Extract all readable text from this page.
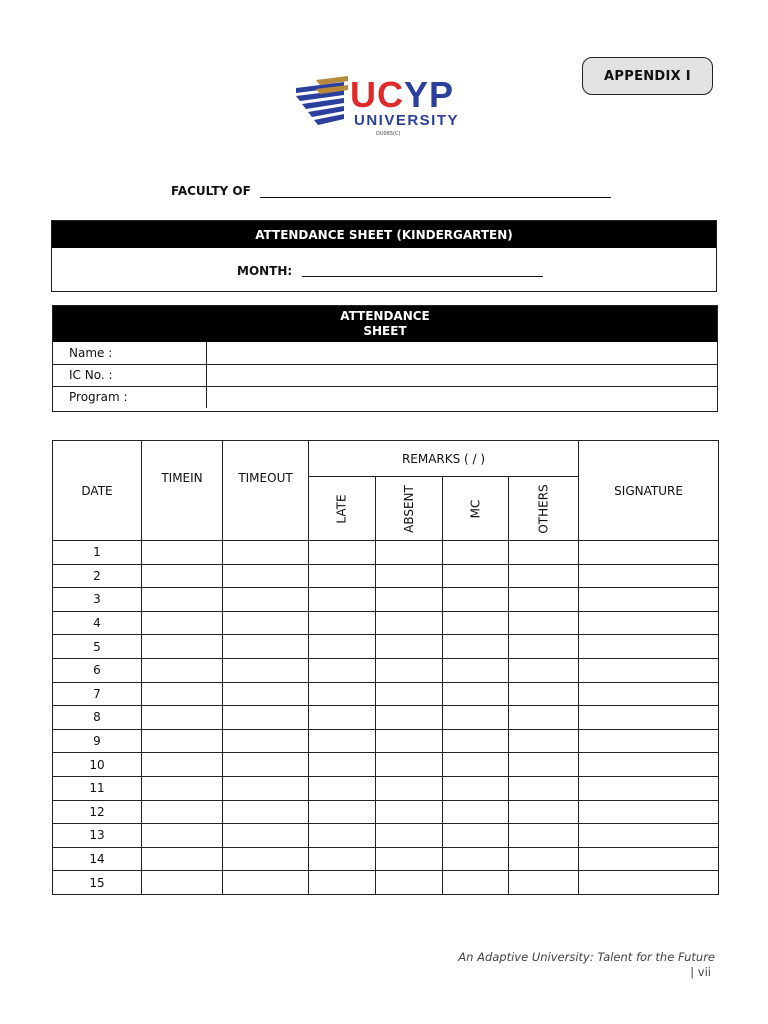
APPENDIX I
UCYP
UNIVERSITY
DU065(C)
FACULTY OF
ATTENDANCE SHEET (KINDERGARTEN)
MONTH:
ATTENDANCE
SHEET
Name :	
IC No. :	
Program :	
DATE	TIMEIN	TIMEOUT	REMARKS ( / )				SIGNATURE
			LATE	ABSENT	MC	OTHERS	
1							
2							
3							
4							
5							
6							
7							
8							
9							
10							
11							
12							
13							
14							
15							
An Adaptive University: Talent for the Future
| vii
